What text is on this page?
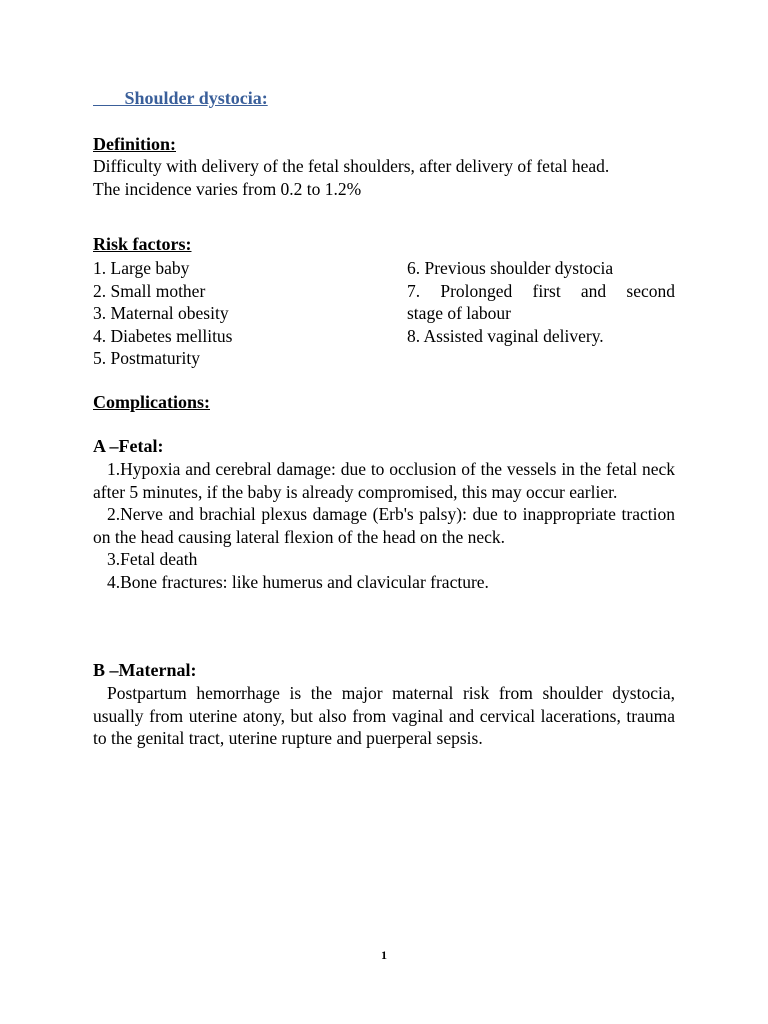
Shoulder dystocia:
Definition:
Difficulty with delivery of the fetal shoulders, after delivery of fetal head.
The incidence varies from 0.2 to 1.2%
Risk factors:
1. Large baby
2. Small mother
3. Maternal obesity
4. Diabetes mellitus
5. Postmaturity
6. Previous shoulder dystocia
7. Prolonged first and second
stage of labour
8. Assisted vaginal delivery.
Complications:
A –Fetal:
1.Hypoxia and cerebral damage: due to occlusion of the vessels in the fetal neck after 5 minutes, if the baby is already compromised, this may occur earlier.
2.Nerve and brachial plexus damage (Erb's palsy): due to inappropriate traction on the head causing lateral flexion of the head on the neck.
3.Fetal death
4.Bone fractures: like humerus and clavicular fracture.
B –Maternal:
Postpartum hemorrhage is the major maternal risk from shoulder dystocia, usually from uterine atony, but also from vaginal and cervical lacerations, trauma to the genital tract, uterine rupture and puerperal sepsis.
1
